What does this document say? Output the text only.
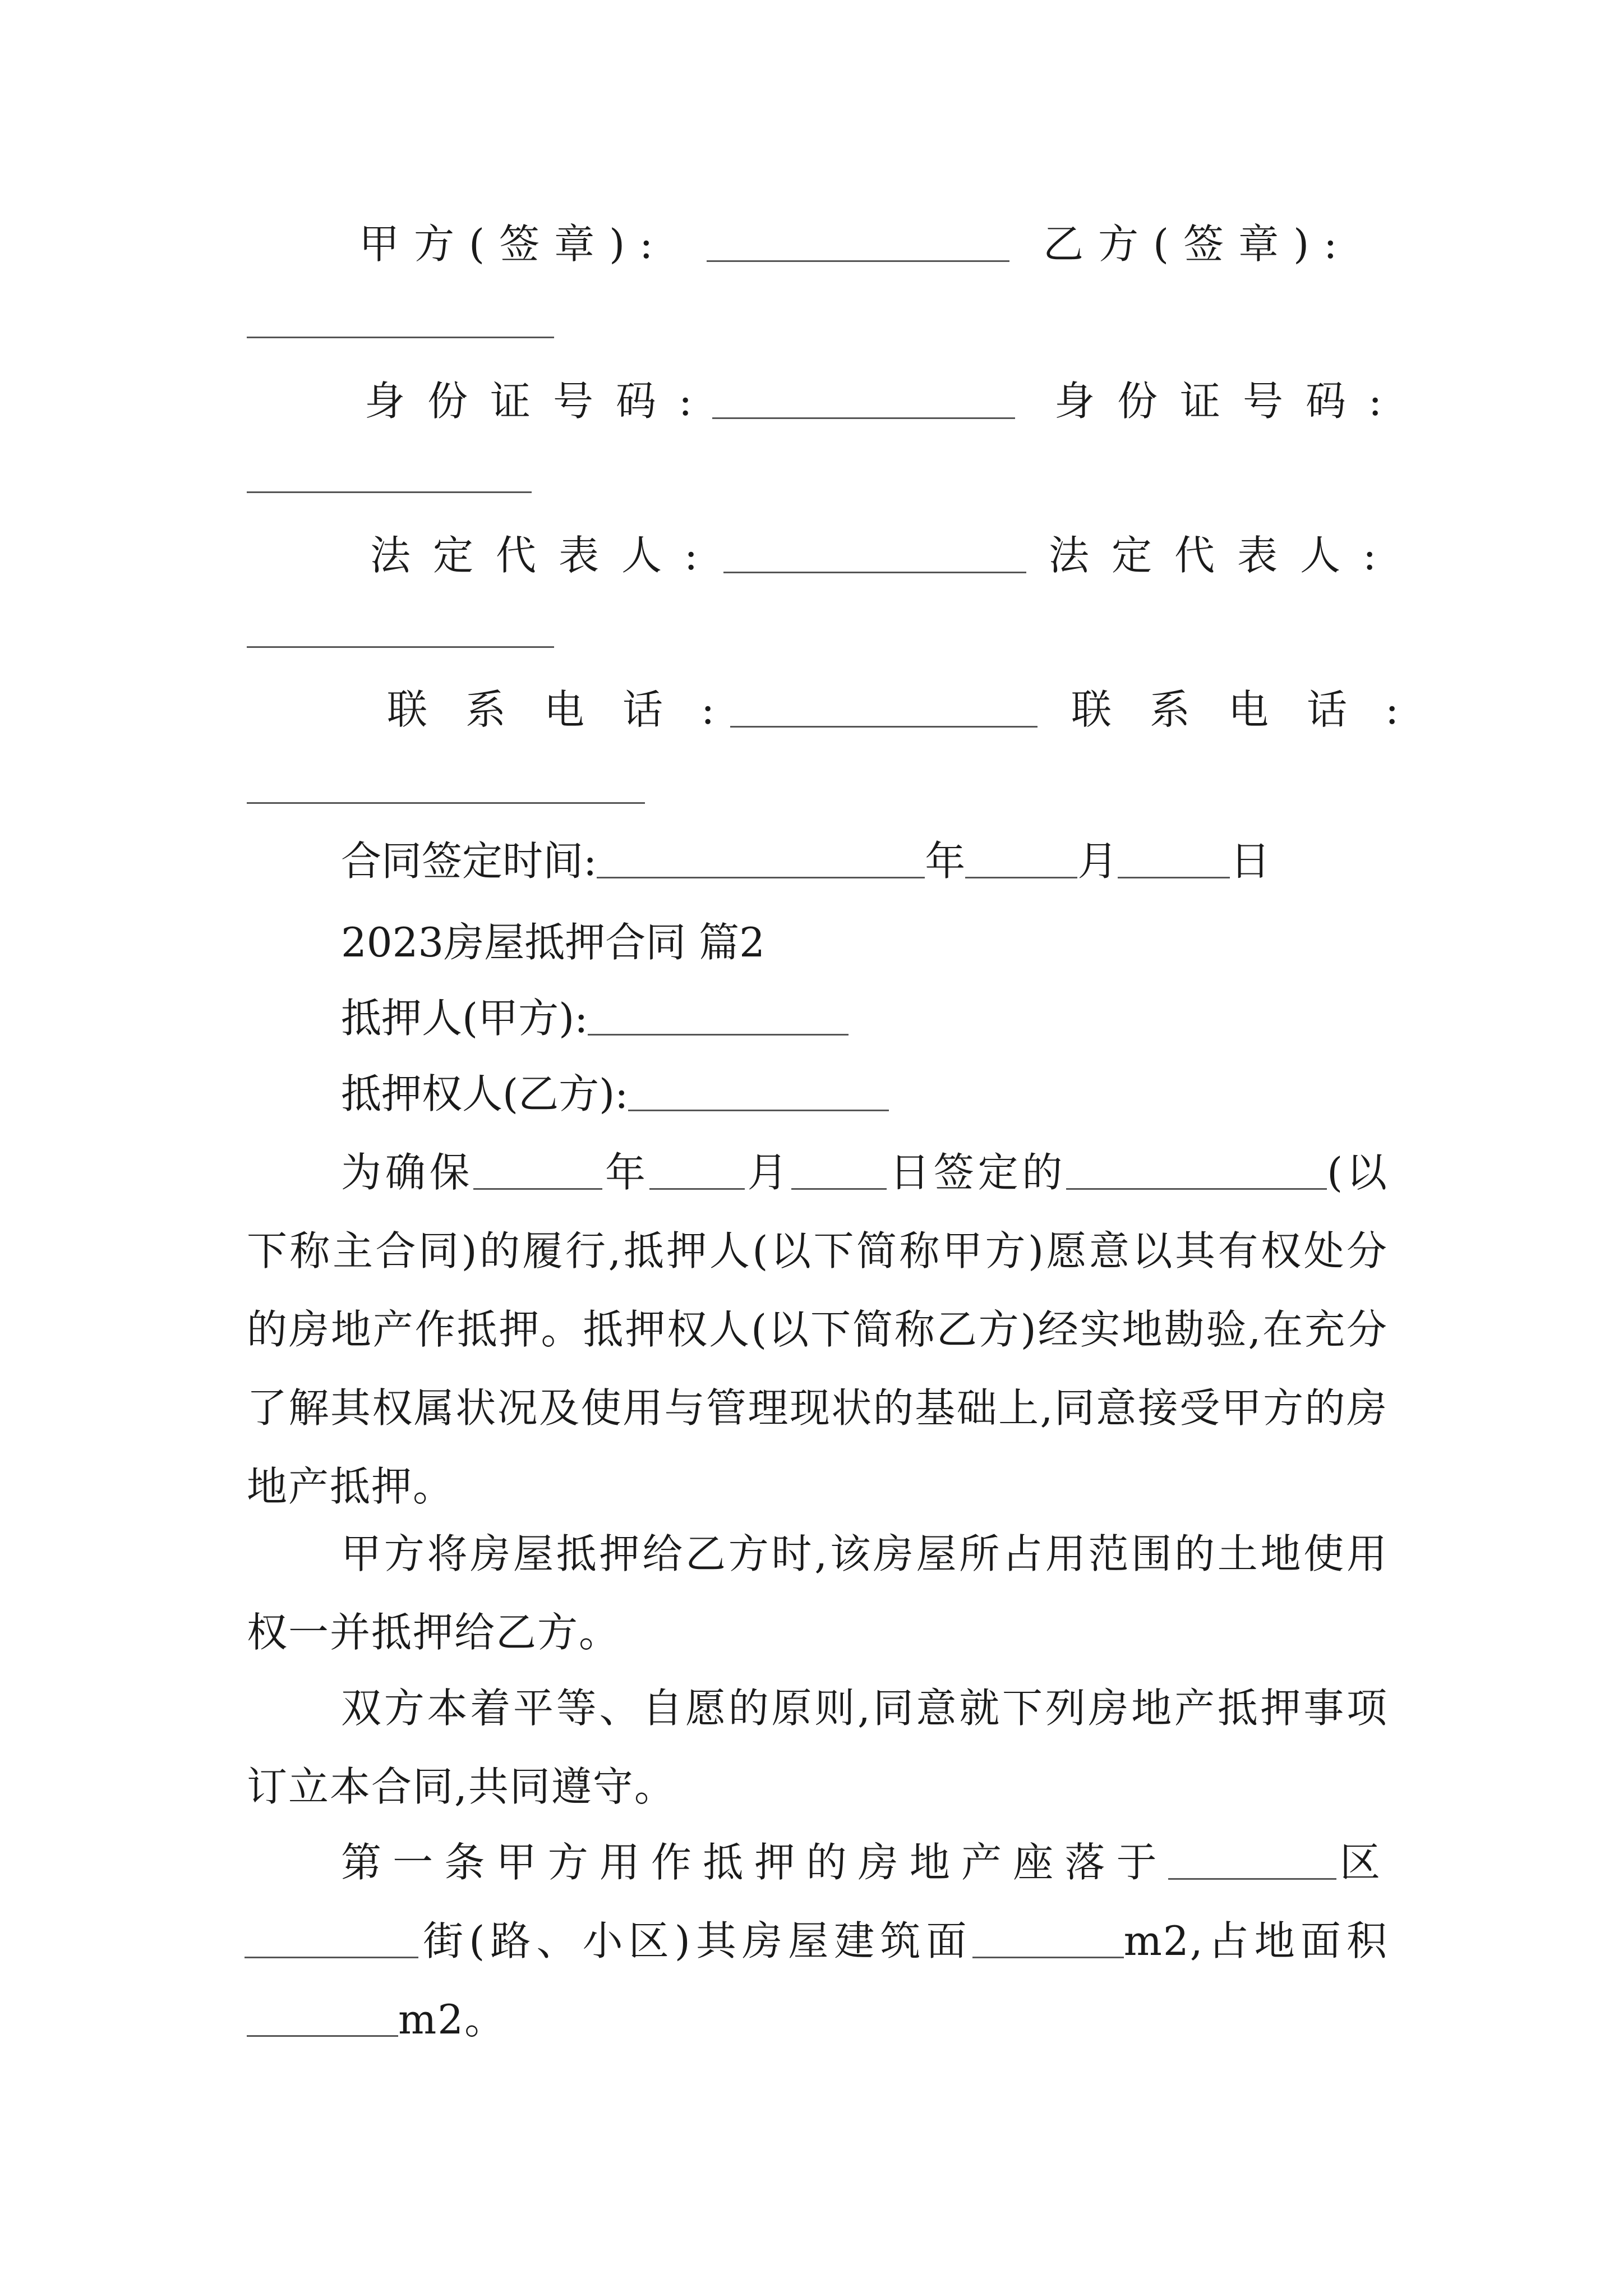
甲方(签章):	乙方(签章):
身份证号码:	身份证号码:
法定代表人:	法定代表人:
联系电话:	联系电话:
合同签定时间:	年	月	日
2023房屋抵押合同 篇2
抵押人(甲方):
抵押权人(乙方):
为确保	年 月 日签定的	(以下称主合同)的履行,抵押人(以下简称甲方)愿意以其有权处分的房地产作抵押。抵押权人(以下简称乙方)经实地勘验,在充分了解其权属状况及使用与管理现状的基础上,同意接受甲方的房地产抵押。
甲方将房屋抵押给乙方时,该房屋所占用范围的土地使用权一并抵押给乙方。
双方本着平等、自愿的原则,同意就下列房地产抵押事项订立本合同,共同遵守。
第一条甲方用作抵押的房地产座落于	区街(路、小区)其房屋建筑面	m2,占地面积m2。
